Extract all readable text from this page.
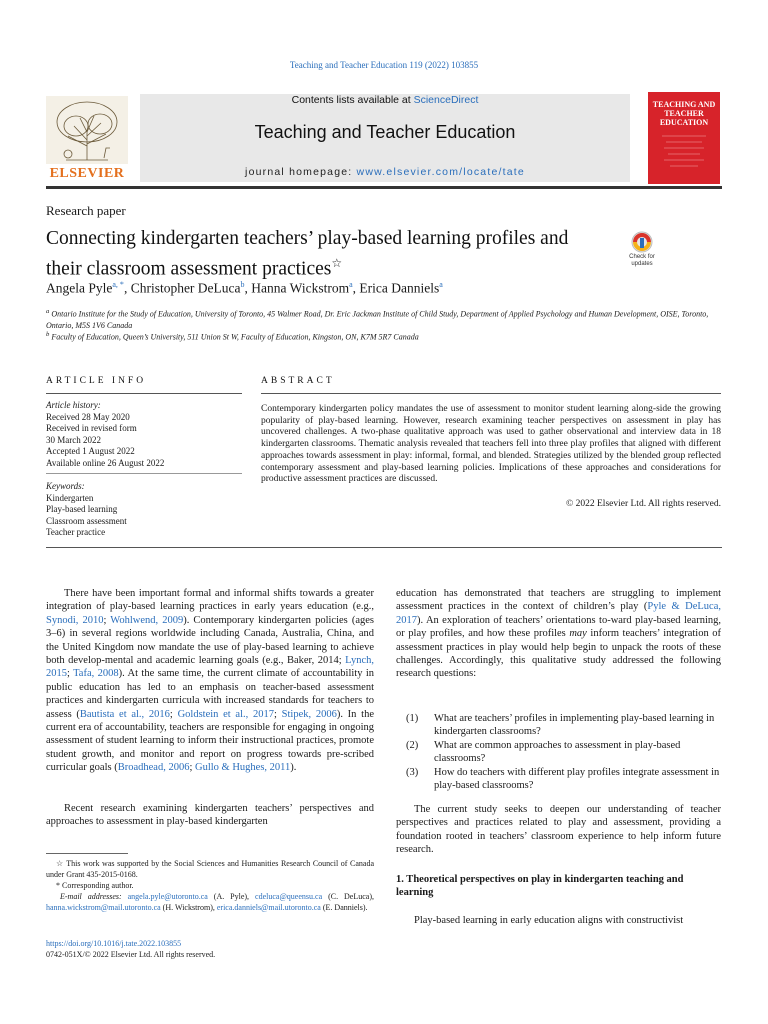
Teaching and Teacher Education 119 (2022) 103855
ELSEVIER
Contents lists available at ScienceDirect
Teaching and Teacher Education
journal homepage: www.elsevier.com/locate/tate
TEACHING AND TEACHER EDUCATION
Research paper
Connecting kindergarten teachers’ play-based learning profiles and
their classroom assessment practices☆	Check for updates
Angela Pyle$^{a, *}$, Christopher DeLuca$^b$, Hanna Wickstrom$^a$, Erica Danniels$^a$
$^a$ Ontario Institute for the Study of Education, University of Toronto, 45 Walmer Road, Dr. Eric Jackman Institute of Child Study, Department of Applied Psychology and Human Development, OISE, Toronto, Ontario, M5S 1V6 Canada
$^b$ Faculty of Education, Queen’s University, 511 Union St W, Faculty of Education, Kingston, ON, K7M 5R7 Canada
ARTICLE INFO	ABSTRACT
Article history:
Received 28 May 2020
Received in revised form
30 March 2022
Accepted 1 August 2022
Available online 26 August 2022
Keywords:
Kindergarten
Play-based learning
Classroom assessment
Teacher practice
Contemporary kindergarten policy mandates the use of assessment to monitor student learning along-side the growing popularity of play-based learning. However, research examining teacher perspectives on assessment in play has uncovered challenges. A two-phase qualitative approach was used to gather observational and interview data in 18 kindergarten classrooms. Thematic analysis revealed that teachers fell into three play profiles that aligned with different approaches towards assessment in play: informal, formal, and blended. Strategies utilized by the blended group reflected contemporary assessment and play-based learning policies. Implications of these approaches and considerations for productive assessment practices are discussed.
© 2022 Elsevier Ltd. All rights reserved.
There have been important formal and informal shifts towards a greater integration of play-based learning practices in early years education (e.g., Synodi, 2010; Wohlwend, 2009). Contemporary kindergarten policies (ages 3–6) in several regions worldwide including Canada, Australia, China, and the United Kingdom now mandate the use of play-based learning to achieve both develop-mental and academic learning goals (e.g., Baker, 2014; Lynch, 2015; Tafa, 2008). At the same time, the current climate of accountability in public education has led to an emphasis on teacher-based assessment practices and kindergarten curricula with increased standards for teachers to assess (Bautista et al., 2016; Goldstein et al., 2017; Stipek, 2006). In the current era of accountability, teachers are responsible for engaging in ongoing assessment of student learning to inform their instructional practices, promote student growth, and monitor and report on progress towards pre-scribed curricular goals (Broadhead, 2006; Gullo & Hughes, 2011).
Recent research examining kindergarten teachers’ perspectives and approaches to assessment in play-based kindergarten
☆ This work was supported by the Social Sciences and Humanities Research Council of Canada under Grant 435-2015-0168.
* Corresponding author.
E-mail addresses: angela.pyle@utoronto.ca (A. Pyle), cdeluca@queensu.ca (C. DeLuca), hanna.wickstrom@mail.utoronto.ca (H. Wickstrom), erica.danniels@mail.utoronto.ca (E. Danniels).
https://doi.org/10.1016/j.tate.2022.103855
0742-051X/© 2022 Elsevier Ltd. All rights reserved.
education has demonstrated that teachers are struggling to implement assessment practices in the context of children’s play (Pyle & DeLuca, 2017). An exploration of teachers’ orientations to-ward play-based learning, or play profiles, and how these profiles may inform teachers’ integration of assessment practices in play would help begin to unpack the roots of these challenges. Accordingly, this qualitative study addressed the following research questions:
(1) What are teachers’ profiles in implementing play-based learning in kindergarten classrooms?
(2) What are common approaches to assessment in play-based classrooms?
(3) How do teachers with different play profiles integrate assessment in play-based classrooms?
The current study seeks to deepen our understanding of teacher perspectives and practices related to play and assessment, providing a foundation rooted in teachers’ classroom experience to help inform future research.
1. Theoretical perspectives on play in kindergarten teaching and learning
Play-based learning in early education aligns with constructivist
